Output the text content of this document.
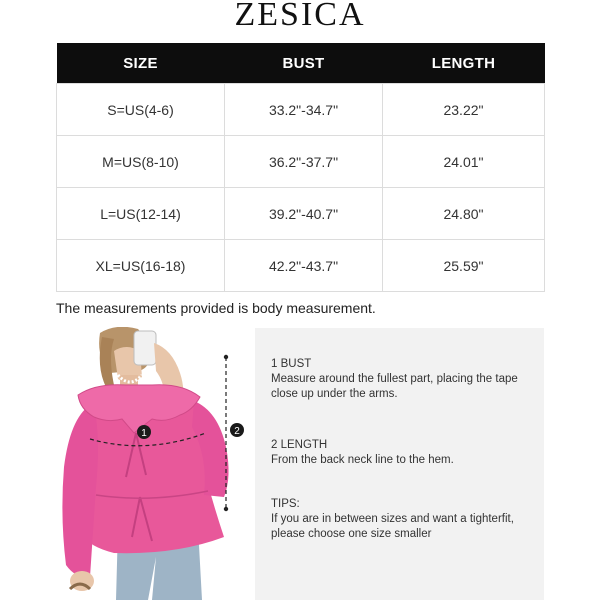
ZESICA
SIZE	BUST	LENGTH
S=US(4-6)	33.2"-34.7"	23.22"
M=US(8-10)	36.2"-37.7"	24.01"
L=US(12-14)	39.2"-40.7"	24.80"
XL=US(16-18)	42.2"-43.7"	25.59"
The measurements provided is body measurement.
1	2
1 BUST
Measure around the fullest part, placing the tape close up under the arms.
2 LENGTH
From the back neck line to the hem.
TIPS:
If you are in between sizes and want a tighterfit, please choose one size smaller
